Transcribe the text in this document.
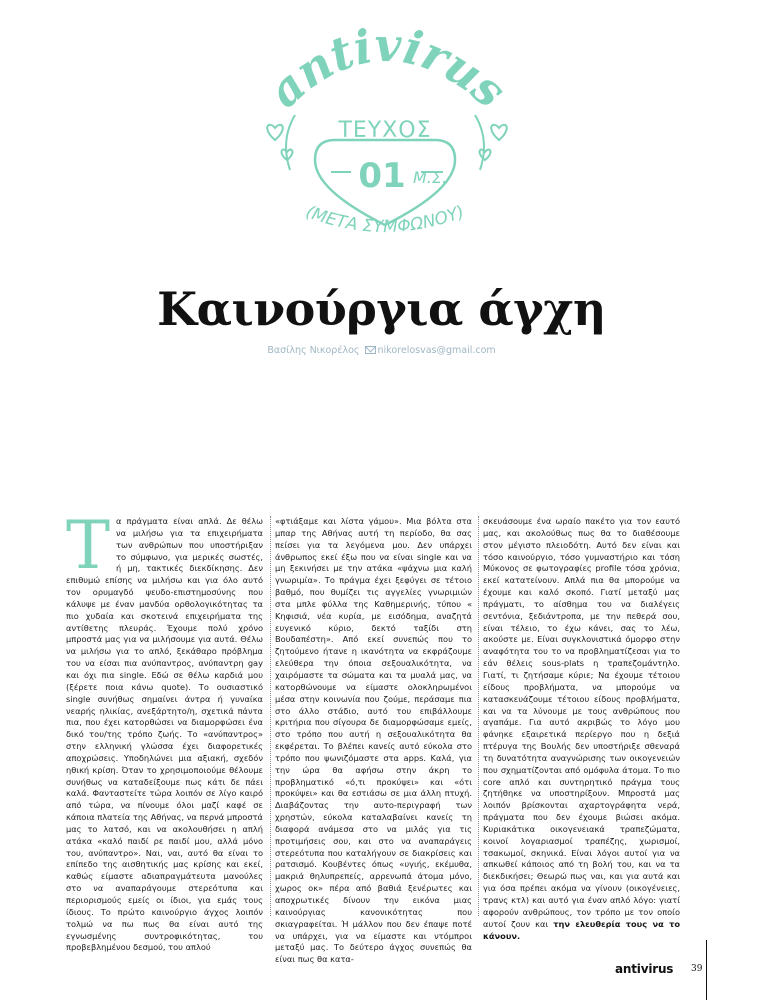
antivirus
ΤΕΥΧΟΣ
01 Μ.Σ.
(ΜΕΤΑ ΣΥΜΦΩΝΟΥ)
Καινούργια άγχη
Βασίλης Νικορέλος nikorelosvas@gmail.com

Τα πράγματα είναι απλά. Δε θέλω να μιλήσω για τα επιχειρήματα των ανθρώπων που υποστήριξαν το σύμφωνο, για μερικές σωστές, ή μη, τακτικές διεκδίκησης. Δεν επιθυμώ επίσης να μιλήσω και για όλο αυτό τον ορυμαγδό ψευδο-επιστημοσύνης που κάλυψε με έναν μανδύα ορθολογικότητας τα πιο χυδαία και σκοτεινά επιχειρήματα της αντίθετης πλευράς. Έχουμε πολύ χρόνο μπροστά μας για να μιλήσουμε για αυτά. Θέλω να μιλήσω για το απλό, ξεκάθαρο πρόβλημα του να είσαι πια ανύπαντρος, ανύπαντρη gay και όχι πια single. Εδώ σε θέλω καρδιά μου (ξέρετε ποια κάνω quote). Το ουσιαστικό single συνήθως σημαίνει άντρα ή γυναίκα νεαρής ηλικίας, ανεξάρτητο/η, σχετικά πάντα πια, που έχει κατορθώσει να διαμορφώσει ένα δικό του/της τρόπο ζωής. Το «ανύπαντρος» στην ελληνική γλώσσα έχει διαφορετικές αποχρώσεις. Υποδηλώνει μια αξιακή, σχεδόν ηθική κρίση. Όταν το χρησιμοποιούμε θέλουμε συνήθως να καταδείξουμε πως κάτι δε πάει καλά. Φανταστείτε τώρα λοιπόν σε λίγο καιρό από τώρα, να πίνουμε όλοι μαζί καφέ σε κάποια πλατεία της Αθήνας, να περνά μπροστά μας το λατσό, και να ακολουθήσει η απλή ατάκα «καλό παιδί ρε παιδί μου, αλλά μόνο του, ανύπαντρο». Ναι, ναι, αυτό θα είναι το επίπεδο της αισθητικής μας κρίσης και εκεί, καθώς είμαστε αδιαπραγμάτευτα μανούλες στο να αναπαράγουμε στερεότυπα και περιορισμούς εμείς οι ίδιοι, για εμάς τους ίδιους. Το πρώτο καινούργιο άγχος λοιπόν τολμώ να πω πως θα είναι αυτό της εγνωσμένης συντροφικότητας, του προβεβλημένου δεσμού, του απλού

«φτιάξαμε και λίστα γάμου». Μια βόλτα στα μπαρ της Αθήνας αυτή τη περίοδο, θα σας πείσει για τα λεγόμενα μου. Δεν υπάρχει άνθρωπος εκεί έξω που να είναι single και να μη ξεκινήσει με την ατάκα «ψάχνω μια καλή γνωριμία». Το πράγμα έχει ξεφύγει σε τέτοιο βαθμό, που θυμίζει τις αγγελίες γνωριμιών στα μπλε φύλλα της Καθημερινής, τύπου « Κηφισιά, νέα κυρία, με εισόδημα, αναζητά ευγενικό κύριο, δεκτό ταξίδι στη Βουδαπέστη». Από εκεί συνεπώς που το ζητούμενο ήτανε η ικανότητα να εκφράζουμε ελεύθερα την όποια σεξουαλικότητα, να χαιρόμαστε τα σώματα και τα μυαλά μας, να κατορθώνουμε να είμαστε ολοκληρωμένοι μέσα στην κοινωνία που ζούμε, περάσαμε πια στο άλλο στάδιο, αυτό του επιβάλλουμε κριτήρια που σίγουρα δε διαμορφώσαμε εμείς, στο τρόπο που αυτή η σεξουαλικότητα θα εκφέρεται. Το βλέπει κανείς αυτό εύκολα στο τρόπο που ψωνιζόμαστε στα apps. Καλά, για την ώρα θα αφήσω στην άκρη το προβληματικό «ό,τι προκύψει» και «ότι προκύψει» και θα εστιάσω σε μια άλλη πτυχή. Διαβάζοντας την αυτο-περιγραφή των χρηστών, εύκολα καταλαβαίνει κανείς τη διαφορά ανάμεσα στο να μιλάς για τις προτιμήσεις σου, και στο να αναπαράγεις στερεότυπα που καταλήγουν σε διακρίσεις και ρατσισμό. Κουβέντες όπως «υγιής, εκέμυθα, μακριά θηλυπρεπείς, αρρενωπά άτομα μόνο, χωρος οκ» πέρα από βαθιά ξενέρωτες και αποχρωτικές δίνουν την εικόνα μιας καινούργιας κανονικότητας που σκιαγραφείται. Ή μάλλον που δεν έπαψε ποτέ να υπάρχει, για να είμαστε και ντόμπροι μεταξύ μας. Το δεύτερο άγχος συνεπώς θα είναι πως θα κατα-

σκευάσουμε ένα ωραίο πακέτο για τον εαυτό μας, και ακολούθως πως θα το διαθέσουμε στον μέγιστο πλειοδότη. Αυτό δεν είναι και τόσο καινούργιο, τόσο γυμναστήριο και τόση Μύκονος σε φωτογραφίες profile τόσα χρόνια, εκεί κατατείνουν. Απλά πια θα μπορούμε να έχουμε και καλό σκοπό. Γιατί μεταξύ μας πράγματι, το αίσθημα του να διαλέγεις σεντόνια, ξεδιάντροπα, με την πεθερά σου, είναι τέλειο, το έχω κάνει, σας το λέω, ακούστε με. Είναι συγκλονιστικά όμορφο στην αναφότητα του το να προβληματίζεσαι για το εάν θέλεις sous-plats η τραπεζομάντηλο. Γιατί, τι ζητήσαμε κύριε; Να έχουμε τέτοιου είδους προβλήματα, να μπορούμε να κατασκευάζουμε τέτοιου είδους προβλήματα, και να τα λύνουμε με τους ανθρώπους που αγαπάμε. Για αυτό ακριβώς το λόγο μου φάνηκε εξαιρετικά περίεργο που η δεξιά πτέρυγα της Βουλής δεν υποστήριξε σθεναρά τη δυνατότητα αναγνώρισης των οικογενειών που σχηματίζονται από ομόφυλα άτομα. Το πιο core απλό και συντηρητικό πράγμα τους ζητήθηκε να υποστηρίξουν. Μπροστά μας λοιπόν βρίσκονται αχαρτογράφητα νερά, πράγματα που δεν έχουμε βιώσει ακόμα. Κυριακάτικα οικογενειακά τραπεζώματα, κοινοί λογαριασμοί τραπέζης, χωρισμοί, τσακωμοί, σκηνικά. Είναι λόγοι αυτοί για να απκωθεί κάποιος από τη βολή του, και να τα διεκδικήσει; Θεωρώ πως ναι, και για αυτά και για όσα πρέπει ακόμα να γίνουν (οικογένειες, τρανς κτλ) και αυτό για έναν απλό λόγο: γιατί αφορούν ανθρώπους, τον τρόπο με τον οποίο αυτοί ζουν και την ελευθερία τους να το κάνουν.

antivirus 39
